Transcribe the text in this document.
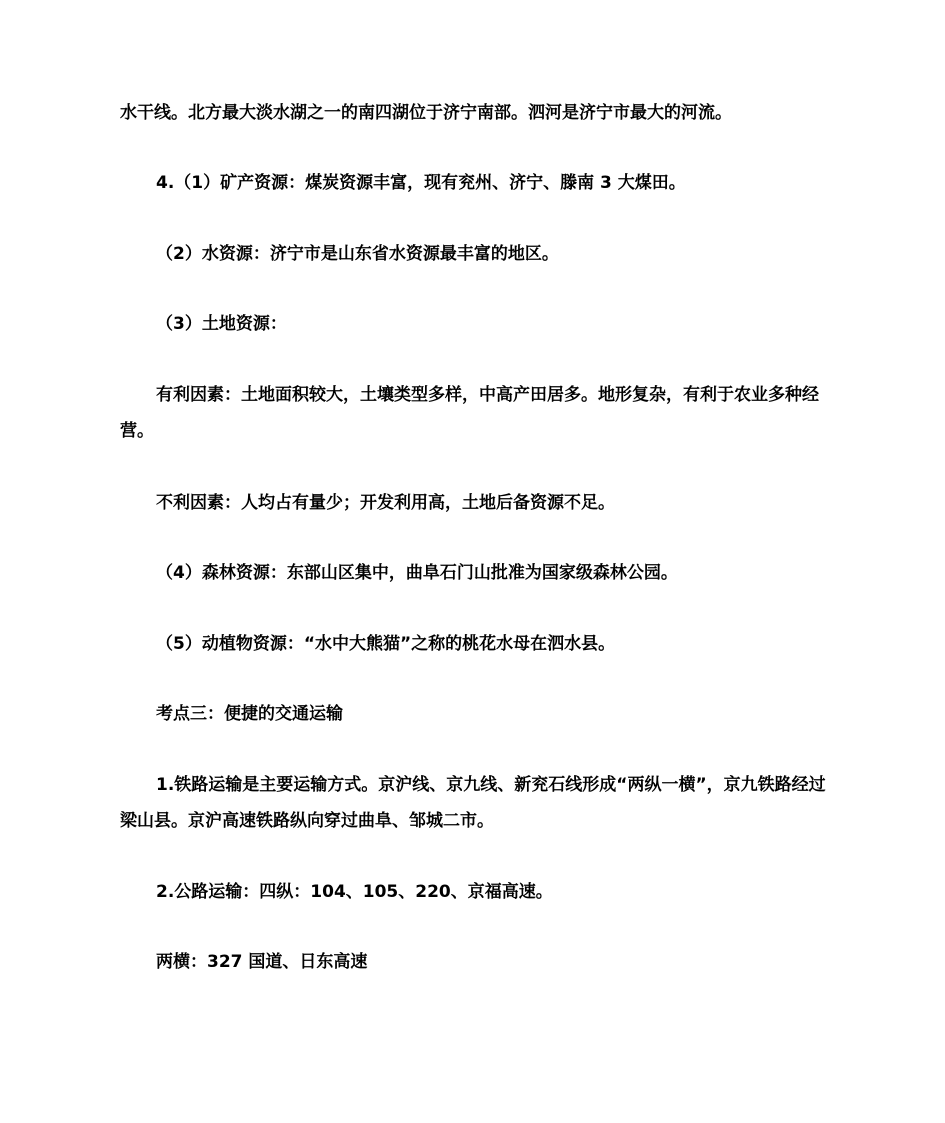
水干线。北方最大淡水湖之一的南四湖位于济宁南部。泗河是济宁市最大的河流。

4.（1）矿产资源：煤炭资源丰富，现有兖州、济宁、滕南 3 大煤田。

（2）水资源：济宁市是山东省水资源最丰富的地区。

（3）土地资源：

有利因素：土地面积较大，土壤类型多样，中高产田居多。地形复杂，有利于农业多种经营。

不利因素：人均占有量少；开发利用高，土地后备资源不足。

（4）森林资源：东部山区集中，曲阜石门山批准为国家级森林公园。

（5）动植物资源：“水中大熊猫”之称的桃花水母在泗水县。

考点三：便捷的交通运输

1.铁路运输是主要运输方式。京沪线、京九线、新兖石线形成“两纵一横”，京九铁路经过梁山县。京沪高速铁路纵向穿过曲阜、邹城二市。

2.公路运输：四纵：104、105、220、京福高速。

两横：327 国道、日东高速
